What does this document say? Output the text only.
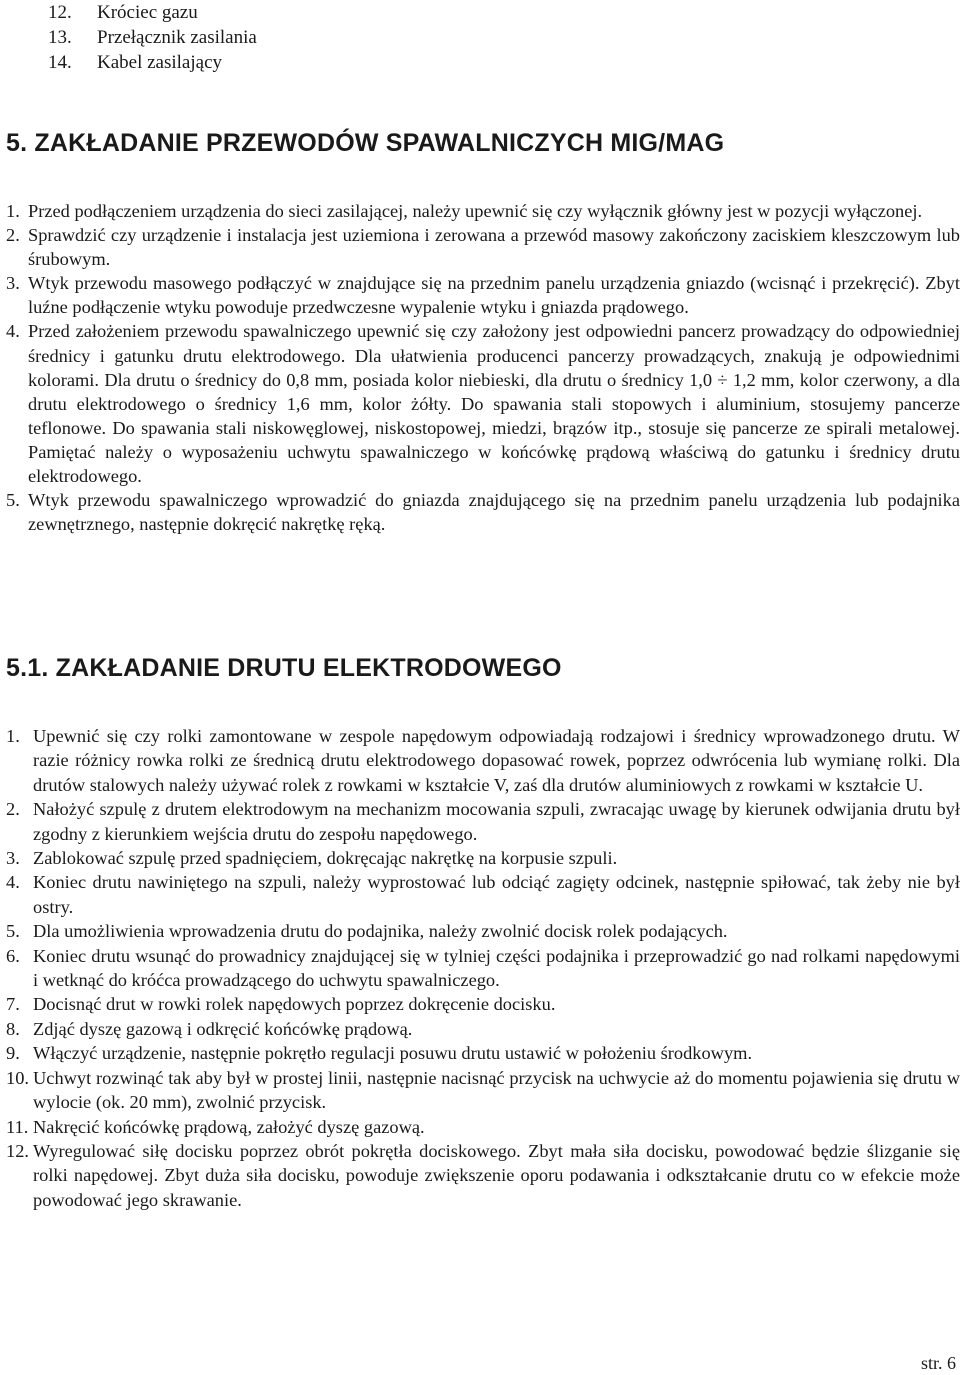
12.	Króciec gazu
13.	Przełącznik zasilania
14.	Kabel zasilający
5. ZAKŁADANIE PRZEWODÓW SPAWALNICZYCH MIG/MAG
1. Przed podłączeniem urządzenia do sieci zasilającej, należy upewnić się czy wyłącznik główny jest w pozycji wyłączonej.
2. Sprawdzić czy urządzenie i instalacja jest uziemiona i zerowana a przewód masowy zakończony zaciskiem kleszczowym lub śrubowym.
3. Wtyk przewodu masowego podłączyć w znajdujące się na przednim panelu urządzenia gniazdo (wcisnąć i przekręcić). Zbyt luźne podłączenie wtyku powoduje przedwczesne wypalenie wtyku i gniazda prądowego.
4. Przed założeniem przewodu spawalniczego upewnić się czy założony jest odpowiedni pancerz prowadzący do odpowiedniej średnicy i gatunku drutu elektrodowego. Dla ułatwienia producenci pancerzy prowadzących, znakują je odpowiednimi kolorami. Dla drutu o średnicy do 0,8 mm, posiada kolor niebieski, dla drutu o średnicy 1,0 ÷ 1,2 mm, kolor czerwony, a dla drutu elektrodowego o średnicy 1,6 mm, kolor żółty. Do spawania stali stopowych i aluminium, stosujemy pancerze teflonowe. Do spawania stali niskowęglowej, niskostopowej, miedzi, brązów itp., stosuje się pancerze ze spirali metalowej. Pamiętać należy o wyposażeniu uchwytu spawalniczego w końcówkę prądową właściwą do gatunku i średnicy drutu elektrodowego.
5. Wtyk przewodu spawalniczego wprowadzić do gniazda znajdującego się na przednim panelu urządzenia lub podajnika zewnętrznego, następnie dokręcić nakrętkę ręką.
5.1. ZAKŁADANIE DRUTU ELEKTRODOWEGO
1. Upewnić się czy rolki zamontowane w zespole napędowym odpowiadają rodzajowi i średnicy wprowadzonego drutu. W razie różnicy rowka rolki ze średnicą drutu elektrodowego dopasować rowek, poprzez odwrócenia lub wymianę rolki. Dla drutów stalowych należy używać rolek z rowkami w kształcie V, zaś dla drutów aluminiowych z rowkami w kształcie U.
2. Nałożyć szpulę z drutem elektrodowym na mechanizm mocowania szpuli, zwracając uwagę by kierunek odwijania drutu był zgodny z kierunkiem wejścia drutu do zespołu napędowego.
3. Zablokować szpulę przed spadnięciem, dokręcając nakrętkę na korpusie szpuli.
4. Koniec drutu nawiniętego na szpuli, należy wyprostować lub odciąć zagięty odcinek, następnie spiłować, tak żeby nie był ostry.
5. Dla umożliwienia wprowadzenia drutu do podajnika, należy zwolnić docisk rolek podających.
6. Koniec drutu wsunąć do prowadnicy znajdującej się w tylniej części podajnika i przeprowadzić go nad rolkami napędowymi i wetknąć do króćca prowadzącego do uchwytu spawalniczego.
7. Docisnąć drut w rowki rolek napędowych poprzez dokręcenie docisku.
8. Zdjąć dyszę gazową i odkręcić końcówkę prądową.
9. Włączyć urządzenie, następnie pokrętło regulacji posuwu drutu ustawić w położeniu środkowym.
10. Uchwyt rozwinąć tak aby był w prostej linii, następnie nacisnąć przycisk na uchwycie aż do momentu pojawienia się drutu w wylocie (ok. 20 mm), zwolnić przycisk.
11. Nakręcić końcówkę prądową, założyć dyszę gazową.
12. Wyregulować siłę docisku poprzez obrót pokrętła dociskowego. Zbyt mała siła docisku, powodować będzie ślizganie się rolki napędowej. Zbyt duża siła docisku, powoduje zwiększenie oporu podawania i odkształcanie drutu co w efekcie może powodować jego skrawanie.
str. 6
